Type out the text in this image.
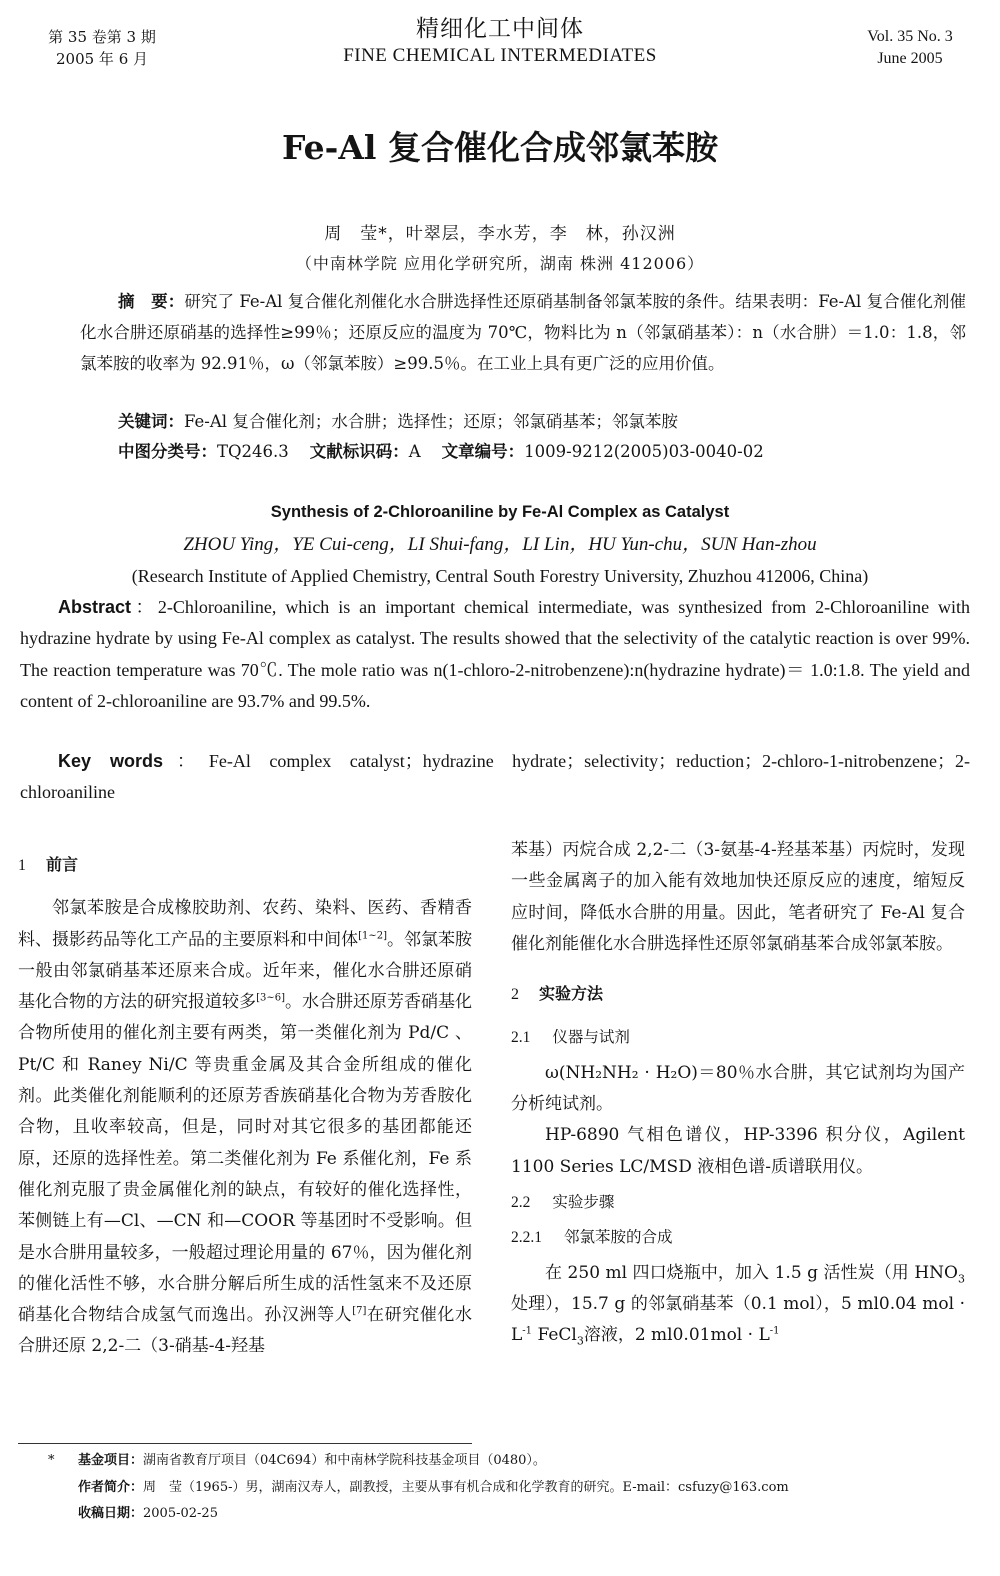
第 35 卷第 3 期
2005 年 6 月
精细化工中间体
FINE CHEMICAL INTERMEDIATES
Vol. 35 No. 3
June 2005
Fe-Al 复合催化合成邻氯苯胺
周　莹*，叶翠层，李水芳，李　林，孙汉洲
（中南林学院 应用化学研究所，湖南 株洲 412006）
摘　要：研究了 Fe-Al 复合催化剂催化水合肼选择性还原硝基制备邻氯苯胺的条件。结果表明：Fe-Al 复合催化剂催化水合肼还原硝基的选择性≥99％；还原反应的温度为 70℃，物料比为 n（邻氯硝基苯）：n（水合肼）＝1.0：1.8，邻氯苯胺的收率为 92.91％，ω（邻氯苯胺）≥99.5％。在工业上具有更广泛的应用价值。
关键词：Fe-Al 复合催化剂；水合肼；选择性；还原；邻氯硝基苯；邻氯苯胺
中图分类号：TQ246.3 文献标识码：A 文章编号：1009-9212(2005)03-0040-02
Synthesis of 2-Chloroaniline by Fe-Al Complex as Catalyst
ZHOU Ying，YE Cui-ceng，LI Shui-fang，LI Lin，HU Yun-chu，SUN Han-zhou
(Research Institute of Applied Chemistry, Central South Forestry University, Zhuzhou 412006, China)
Abstract：2-Chloroaniline, which is an important chemical intermediate, was synthesized from 2-Chloroaniline with hydrazine hydrate by using Fe-Al complex as catalyst. The results showed that the selectivity of the catalytic reaction is over 99%. The reaction temperature was 70℃. The mole ratio was n(1-chloro-2-nitrobenzene):n(hydrazine hydrate)＝ 1.0:1.8. The yield and content of 2-chloroaniline are 93.7% and 99.5%.
Key words：Fe-Al complex catalyst；hydrazine hydrate；selectivity；reduction；2-chloro-1-nitrobenzene；2-chloroaniline
1 前言

邻氯苯胺是合成橡胶助剂、农药、染料、医药、香精香料、摄影药品等化工产品的主要原料和中间体[1~2]。邻氯苯胺一般由邻氯硝基苯还原来合成。近年来，催化水合肼还原硝基化合物的方法的研究报道较多[3~6]。水合肼还原芳香硝基化合物所使用的催化剂主要有两类，第一类催化剂为 Pd/C 、Pt/C 和 Raney Ni/C 等贵重金属及其合金所组成的催化剂。此类催化剂能顺利的还原芳香族硝基化合物为芳香胺化合物，且收率较高，但是，同时对其它很多的基团都能还原，还原的选择性差。第二类催化剂为 Fe 系催化剂，Fe 系催化剂克服了贵金属催化剂的缺点，有较好的催化选择性，苯侧链上有—Cl、—CN 和—COOR 等基团时不受影响。但是水合肼用量较多，一般超过理论用量的 67％，因为催化剂的催化活性不够，水合肼分解后所生成的活性氢来不及还原硝基化合物结合成氢气而逸出。孙汉洲等人[7]在研究催化水合肼还原 2,2-二（3-硝基-4-羟基

苯基）丙烷合成 2,2-二（3-氨基-4-羟基苯基）丙烷时，发现一些金属离子的加入能有效地加快还原反应的速度，缩短反应时间，降低水合肼的用量。因此，笔者研究了 Fe-Al 复合催化剂能催化水合肼选择性还原邻氯硝基苯合成邻氯苯胺。

2 实验方法
2.1 仪器与试剂

ω(NH₂NH₂ · H₂O)＝80％水合肼，其它试剂均为国产分析纯试剂。

HP-6890 气相色谱仪，HP-3396 积分仪，Agilent 1100 Series LC/MSD 液相色谱-质谱联用仪。

2.2 实验步骤
2.2.1 邻氯苯胺的合成

在 250 ml 四口烧瓶中，加入 1.5 g 活性炭（用 $HNO_3$处理），15.7 g 的邻氯硝基苯（0.1 mol），5 ml0.04 mol · $L^{-1}$ FeCl$_3$溶液，2 $ml0.01mol \cdot L^{-1}$

* 基金项目：湖南省教育厅项目（04C694）和中南林学院科技基金项目（0480）。
作者简介：周　莹（1965-）男，湖南汉寿人，副教授，主要从事有机合成和化学教育的研究。E-mail：csfuzy@163.com
收稿日期：2005-02-25
